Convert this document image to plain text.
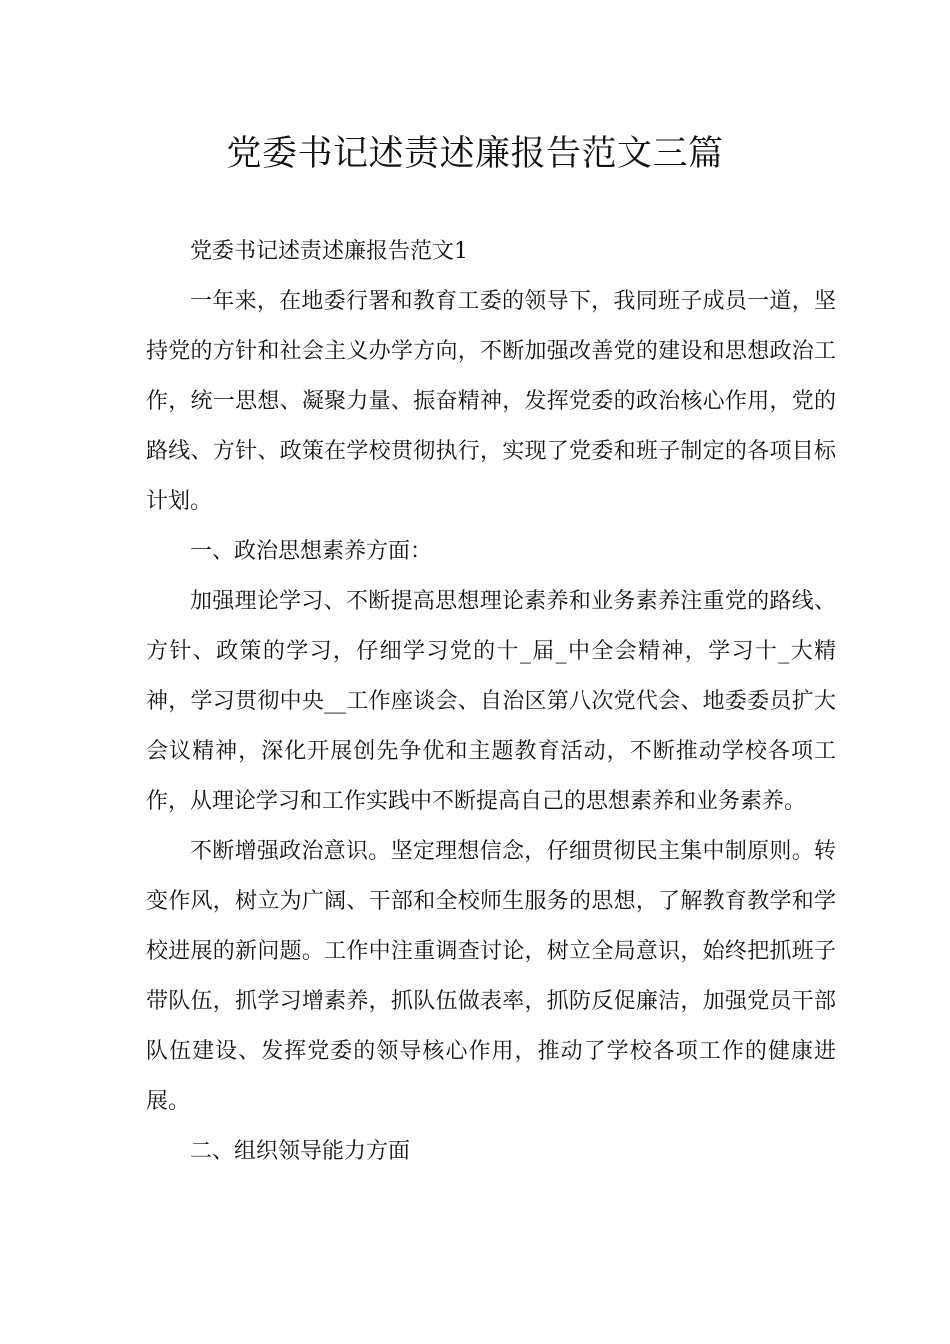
党委书记述责述廉报告范文三篇

党委书记述责述廉报告范文1

一年来，在地委行署和教育工委的领导下，我同班子成员一道，坚持党的方针和社会主义办学方向，不断加强改善党的建设和思想政治工作，统一思想、凝聚力量、振奋精神，发挥党委的政治核心作用，党的路线、方针、政策在学校贯彻执行，实现了党委和班子制定的各项目标计划。

一、政治思想素养方面：

加强理论学习、不断提高思想理论素养和业务素养注重党的路线、方针、政策的学习，仔细学习党的十_届_中全会精神，学习十_大精神，学习贯彻中央__工作座谈会、自治区第八次党代会、地委委员扩大会议精神，深化开展创先争优和主题教育活动，不断推动学校各项工作，从理论学习和工作实践中不断提高自己的思想素养和业务素养。

不断增强政治意识。坚定理想信念，仔细贯彻民主集中制原则。转变作风，树立为广阔、干部和全校师生服务的思想，了解教育教学和学校进展的新问题。工作中注重调查讨论，树立全局意识，始终把抓班子带队伍，抓学习增素养，抓队伍做表率，抓防反促廉洁，加强党员干部队伍建设、发挥党委的领导核心作用，推动了学校各项工作的健康进展。

二、组织领导能力方面
